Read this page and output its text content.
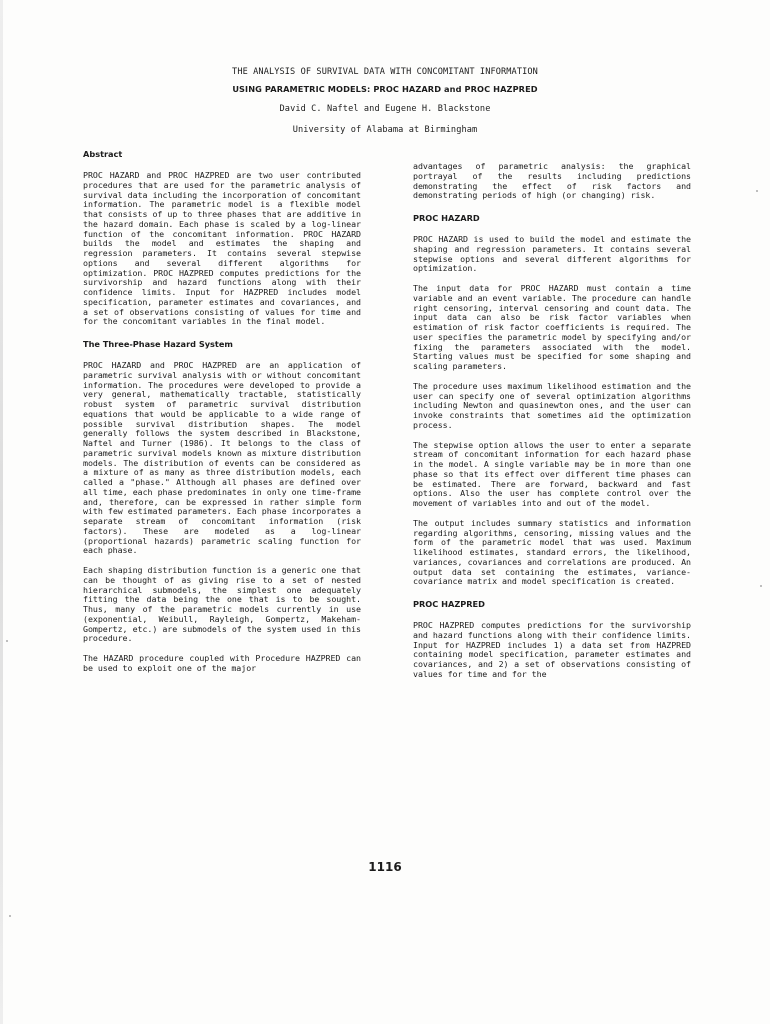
THE ANALYSIS OF SURVIVAL DATA WITH CONCOMITANT INFORMATION
USING PARAMETRIC MODELS: PROC HAZARD and PROC HAZPRED
David C. Naftel and Eugene H. Blackstone
University of Alabama at Birmingham
Abstract

PROC HAZARD and PROC HAZPRED are two user contributed procedures that are used for the parametric analysis of survival data including the incorporation of concomitant information. The parametric model is a flexible model that consists of up to three phases that are additive in the hazard domain. Each phase is scaled by a log-linear function of the concomitant information. PROC HAZARD builds the model and estimates the shaping and regression parameters. It contains several stepwise options and several different algorithms for optimization. PROC HAZPRED computes predictions for the survivorship and hazard functions along with their confidence limits. Input for HAZPRED includes model specification, parameter estimates and covariances, and a set of observations consisting of values for time and for the concomitant variables in the final model.

The Three-Phase Hazard System

PROC HAZARD and PROC HAZPRED are an application of parametric survival analysis with or without concomitant information. The procedures were developed to provide a very general, mathematically tractable, statistically robust system of parametric survival distribution equations that would be applicable to a wide range of possible survival distribution shapes. The model generally follows the system described in Blackstone, Naftel and Turner (1986). It belongs to the class of parametric survival models known as mixture distribution models. The distribution of events can be considered as a mixture of as many as three distribution models, each called a "phase." Although all phases are defined over all time, each phase predominates in only one time-frame and, therefore, can be expressed in rather simple form with few estimated parameters. Each phase incorporates a separate stream of concomitant information (risk factors). These are modeled as a log-linear (proportional hazards) parametric scaling function for each phase.

Each shaping distribution function is a generic one that can be thought of as giving rise to a set of nested hierarchical submodels, the simplest one adequately fitting the data being the one that is to be sought. Thus, many of the parametric models currently in use (exponential, Weibull, Rayleigh, Gompertz, Makeham-Gompertz, etc.) are submodels of the system used in this procedure.

The HAZARD procedure coupled with Procedure HAZPRED can be used to exploit one of the major

advantages of parametric analysis: the graphical portrayal of the results including predictions demonstrating the effect of risk factors and demonstrating periods of high (or changing) risk.

PROC HAZARD

PROC HAZARD is used to build the model and estimate the shaping and regression parameters. It contains several stepwise options and several different algorithms for optimization.

The input data for PROC HAZARD must contain a time variable and an event variable. The procedure can handle right censoring, interval censoring and count data. The input data can also be risk factor variables when estimation of risk factor coefficients is required. The user specifies the parametric model by specifying and/or fixing the parameters associated with the model. Starting values must be specified for some shaping and scaling parameters.

The procedure uses maximum likelihood estimation and the user can specify one of several optimization algorithms including Newton and quasinewton ones, and the user can invoke constraints that sometimes aid the optimization process.

The stepwise option allows the user to enter a separate stream of concomitant information for each hazard phase in the model. A single variable may be in more than one phase so that its effect over different time phases can be estimated. There are forward, backward and fast options. Also the user has complete control over the movement of variables into and out of the model.

The output includes summary statistics and information regarding algorithms, censoring, missing values and the form of the parametric model that was used. Maximum likelihood estimates, standard errors, the likelihood, variances, covariances and correlations are produced. An output data set containing the estimates, variance-covariance matrix and model specification is created.

PROC HAZPRED

PROC HAZPRED computes predictions for the survivorship and hazard functions along with their confidence limits. Input for HAZPRED includes 1) a data set from HAZPRED containing model specification, parameter estimates and covariances, and 2) a set of observations consisting of values for time and for the

1116
